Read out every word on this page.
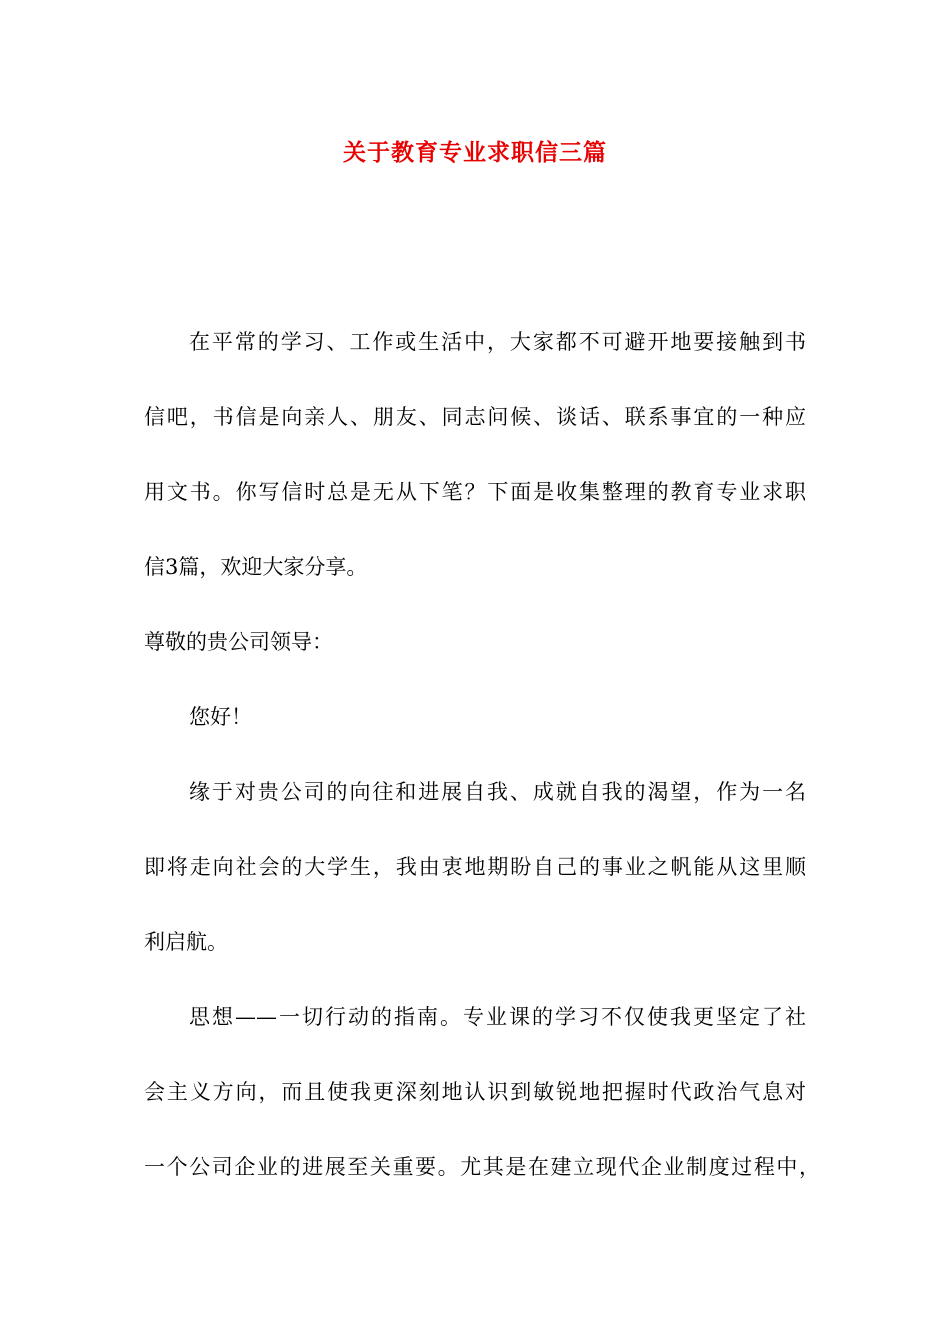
关于教育专业求职信三篇

在平常的学习、工作或生活中，大家都不可避开地要接触到书

信吧，书信是向亲人、朋友、同志问候、谈话、联系事宜的一种应

用文书。你写信时总是无从下笔？下面是收集整理的教育专业求职

信3篇，欢迎大家分享。

尊敬的贵公司领导：

您好！

缘于对贵公司的向往和进展自我、成就自我的渴望，作为一名

即将走向社会的大学生，我由衷地期盼自己的事业之帆能从这里顺

利启航。

思想——一切行动的指南。专业课的学习不仅使我更坚定了社

会主义方向，而且使我更深刻地认识到敏锐地把握时代政治气息对

一个公司企业的进展至关重要。尤其是在建立现代企业制度过程中，
